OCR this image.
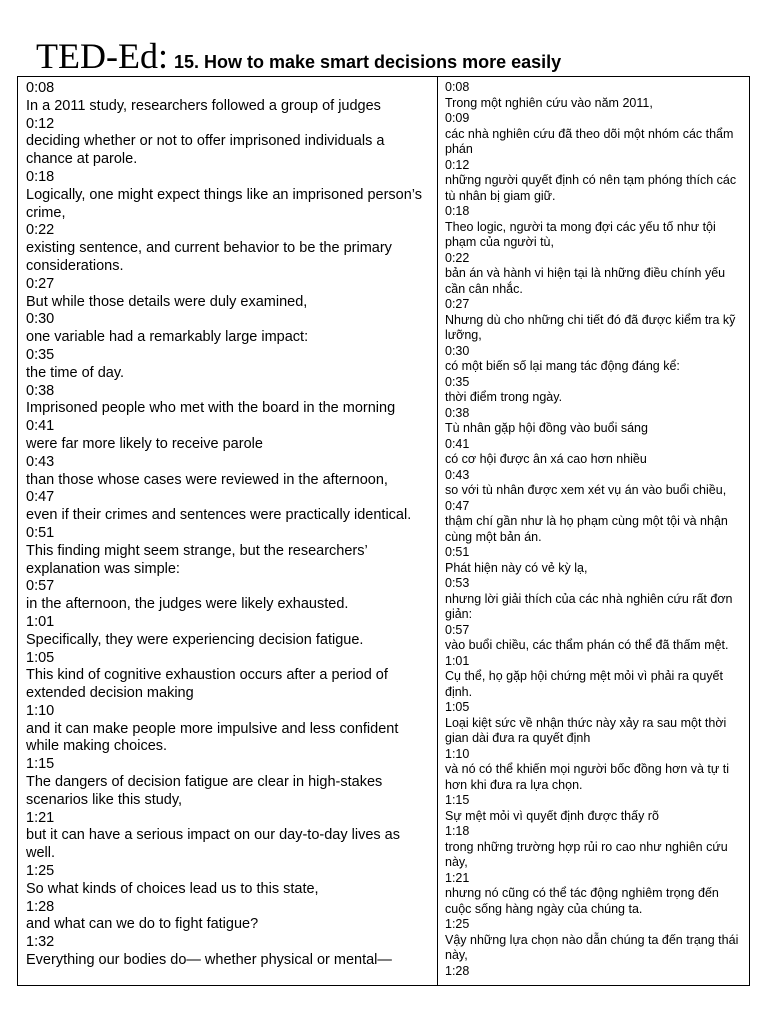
TED-Ed: 15. How to make smart decisions more easily
0:08
In a 2011 study, researchers followed a group of judges
0:12
deciding whether or not to offer imprisoned individuals a chance at parole.
0:18
Logically, one might expect things like an imprisoned person’s crime,
0:22
existing sentence, and current behavior to be the primary considerations.
0:27
But while those details were duly examined,
0:30
one variable had a remarkably large impact:
0:35
the time of day.
0:38
Imprisoned people who met with the board in the morning
0:41
were far more likely to receive parole
0:43
than those whose cases were reviewed in the afternoon,
0:47
even if their crimes and sentences were practically identical.
0:51
This finding might seem strange, but the researchers’ explanation was simple:
0:57
in the afternoon, the judges were likely exhausted.
1:01
Specifically, they were experiencing decision fatigue.
1:05
This kind of cognitive exhaustion occurs after a period of extended decision making
1:10
and it can make people more impulsive and less confident while making choices.
1:15
The dangers of decision fatigue are clear in high-stakes scenarios like this study,
1:21
but it can have a serious impact on our day-to-day lives as well.
1:25
So what kinds of choices lead us to this state,
1:28
and what can we do to fight fatigue?
1:32
Everything our bodies do— whether physical or mental—
0:08
Trong một nghiên cứu vào năm 2011,
0:09
các nhà nghiên cứu đã theo dõi một nhóm các thẩm phán
0:12
những người quyết định có nên tạm phóng thích các tù nhân bị giam giữ.
0:18
Theo logic, người ta mong đợi các yếu tố như tội phạm của người tù,
0:22
bản án và hành vi hiện tại là những điều chính yếu cần cân nhắc.
0:27
Nhưng dù cho những chi tiết đó đã được kiểm tra kỹ lưỡng,
0:30
có một biến số lại mang tác động đáng kể:
0:35
thời điểm trong ngày.
0:38
Tù nhân gặp hội đồng vào buổi sáng
0:41
có cơ hội được ân xá cao hơn nhiều
0:43
so với tù nhân được xem xét vụ án vào buổi chiều,
0:47
thậm chí gần như là họ phạm cùng một tội và nhận cùng một bản án.
0:51
Phát hiện này có vẻ kỳ lạ,
0:53
nhưng lời giải thích của các nhà nghiên cứu rất đơn giản:
0:57
vào buổi chiều, các thẩm phán có thể đã thấm mệt.
1:01
Cụ thể, họ gặp hội chứng mệt mỏi vì phải ra quyết định.
1:05
Loại kiệt sức về nhận thức này xảy ra sau một thời gian dài đưa ra quyết định
1:10
và nó có thể khiến mọi người bốc đồng hơn và tự ti hơn khi đưa ra lựa chọn.
1:15
Sự mệt mỏi vì quyết định được thấy rõ
1:18
trong những trường hợp rủi ro cao như nghiên cứu này,
1:21
nhưng nó cũng có thể tác động nghiêm trọng đến cuộc sống hàng ngày của chúng ta.
1:25
Vậy những lựa chọn nào dẫn chúng ta đến trạng thái này,
1:28
